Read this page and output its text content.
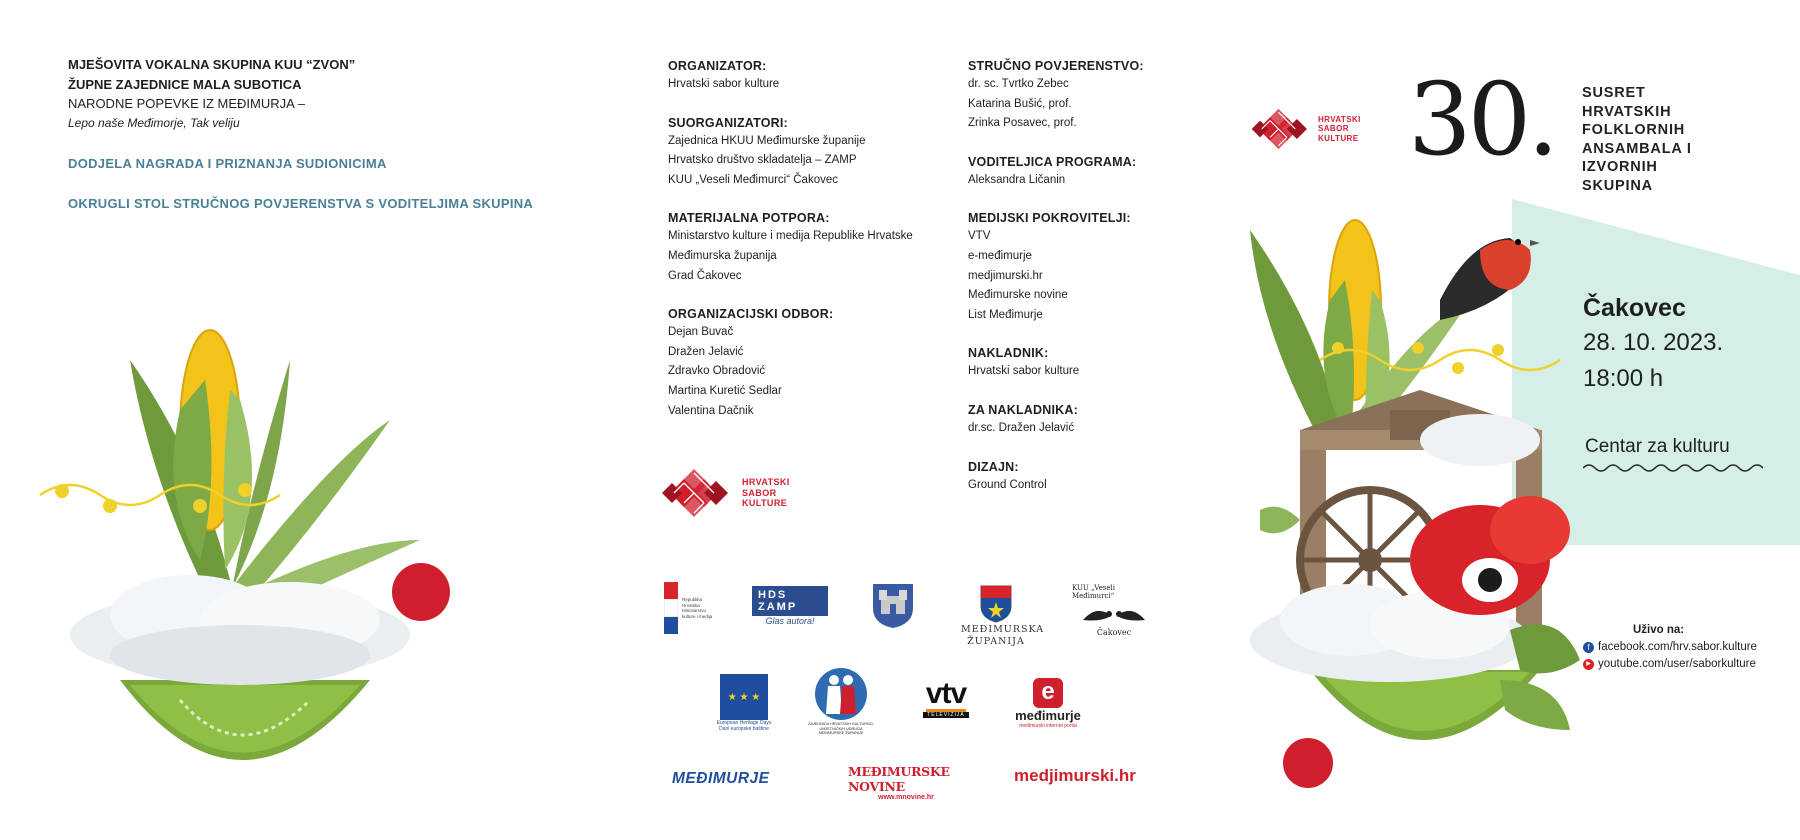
MJEŠOVITA VOKALNA SKUPINA KUU “ZVON”
ŽUPNE ZAJEDNICE MALA SUBOTICA
NARODNE POPEVKE IZ MEĐIMURJA –
Lepo naše Međimorje, Tak veliju
DODJELA NAGRADA I PRIZNANJA SUDIONICIMA
OKRUGLI STOL STRUČNOG POVJERENSTVA S VODITELJIMA SKUPINA

ORGANIZATOR:

Hrvatski sabor kulture

SUORGANIZATORI:

Zajednica HKUU Međimurske županije

Hrvatsko društvo skladatelja – ZAMP

KUU „Veseli Međimurci“ Čakovec

MATERIJALNA POTPORA:

Ministarstvo kulture i medija Republike Hrvatske

Međimurska županija

Grad Čakovec

ORGANIZACIJSKI ODBOR:

Dejan Buvač

Dražen Jelavić

Zdravko Obradović

Martina Kuretić Sedlar

Valentina Dačnik

STRUČNO POVJERENSTVO:

dr. sc. Tvrtko Zebec

Katarina Bušić, prof.

Zrinka Posavec, prof.

VODITELJICA PROGRAMA:

Aleksandra Ličanin

MEDIJSKI POKROVITELJI:

VTV

e-međimurje

medjimurski.hr

Međimurske novine

List Međimurje

NAKLADNIK:

Hrvatski sabor kulture

ZA NAKLADNIKA:

dr.sc. Dražen Jelavić

DIZAJN:

Ground Control

HRVATSKI
SABOR
KULTURE
Republika Hrvatska Ministarstvo kulture i medija
HDS ZAMP
Glas autora!
MEĐIMURSKA ŽUPANIJA
KUU „Veseli Međimurci“
Čakovec
★ ★ ★
European Heritage Days
Dani europske baštine
ZAJEDNICA HRVATSKIH KULTURNO-UMJETNIČKIH UDRUGA MEĐIMURSKE ŽUPANIJE
vtv
TELEVIZIJA
e
međimurje
međimurski internet portal
MEĐIMURJE	MEĐIMURSKE NOVINE
www.mnovine.hr
medjimurski.hr
HRVATSKI
SABOR
KULTURE 30. SUSRET
HRVATSKIH
FOLKLORNIH
ANSAMBALA I
IZVORNIH
SKUPINA
Čakovec
28. 10. 2023.
18:00 h
Centar za kulturu
Uživo na:
f facebook.com/hrv.sabor.kulture
▶ youtube.com/user/saborkulture
